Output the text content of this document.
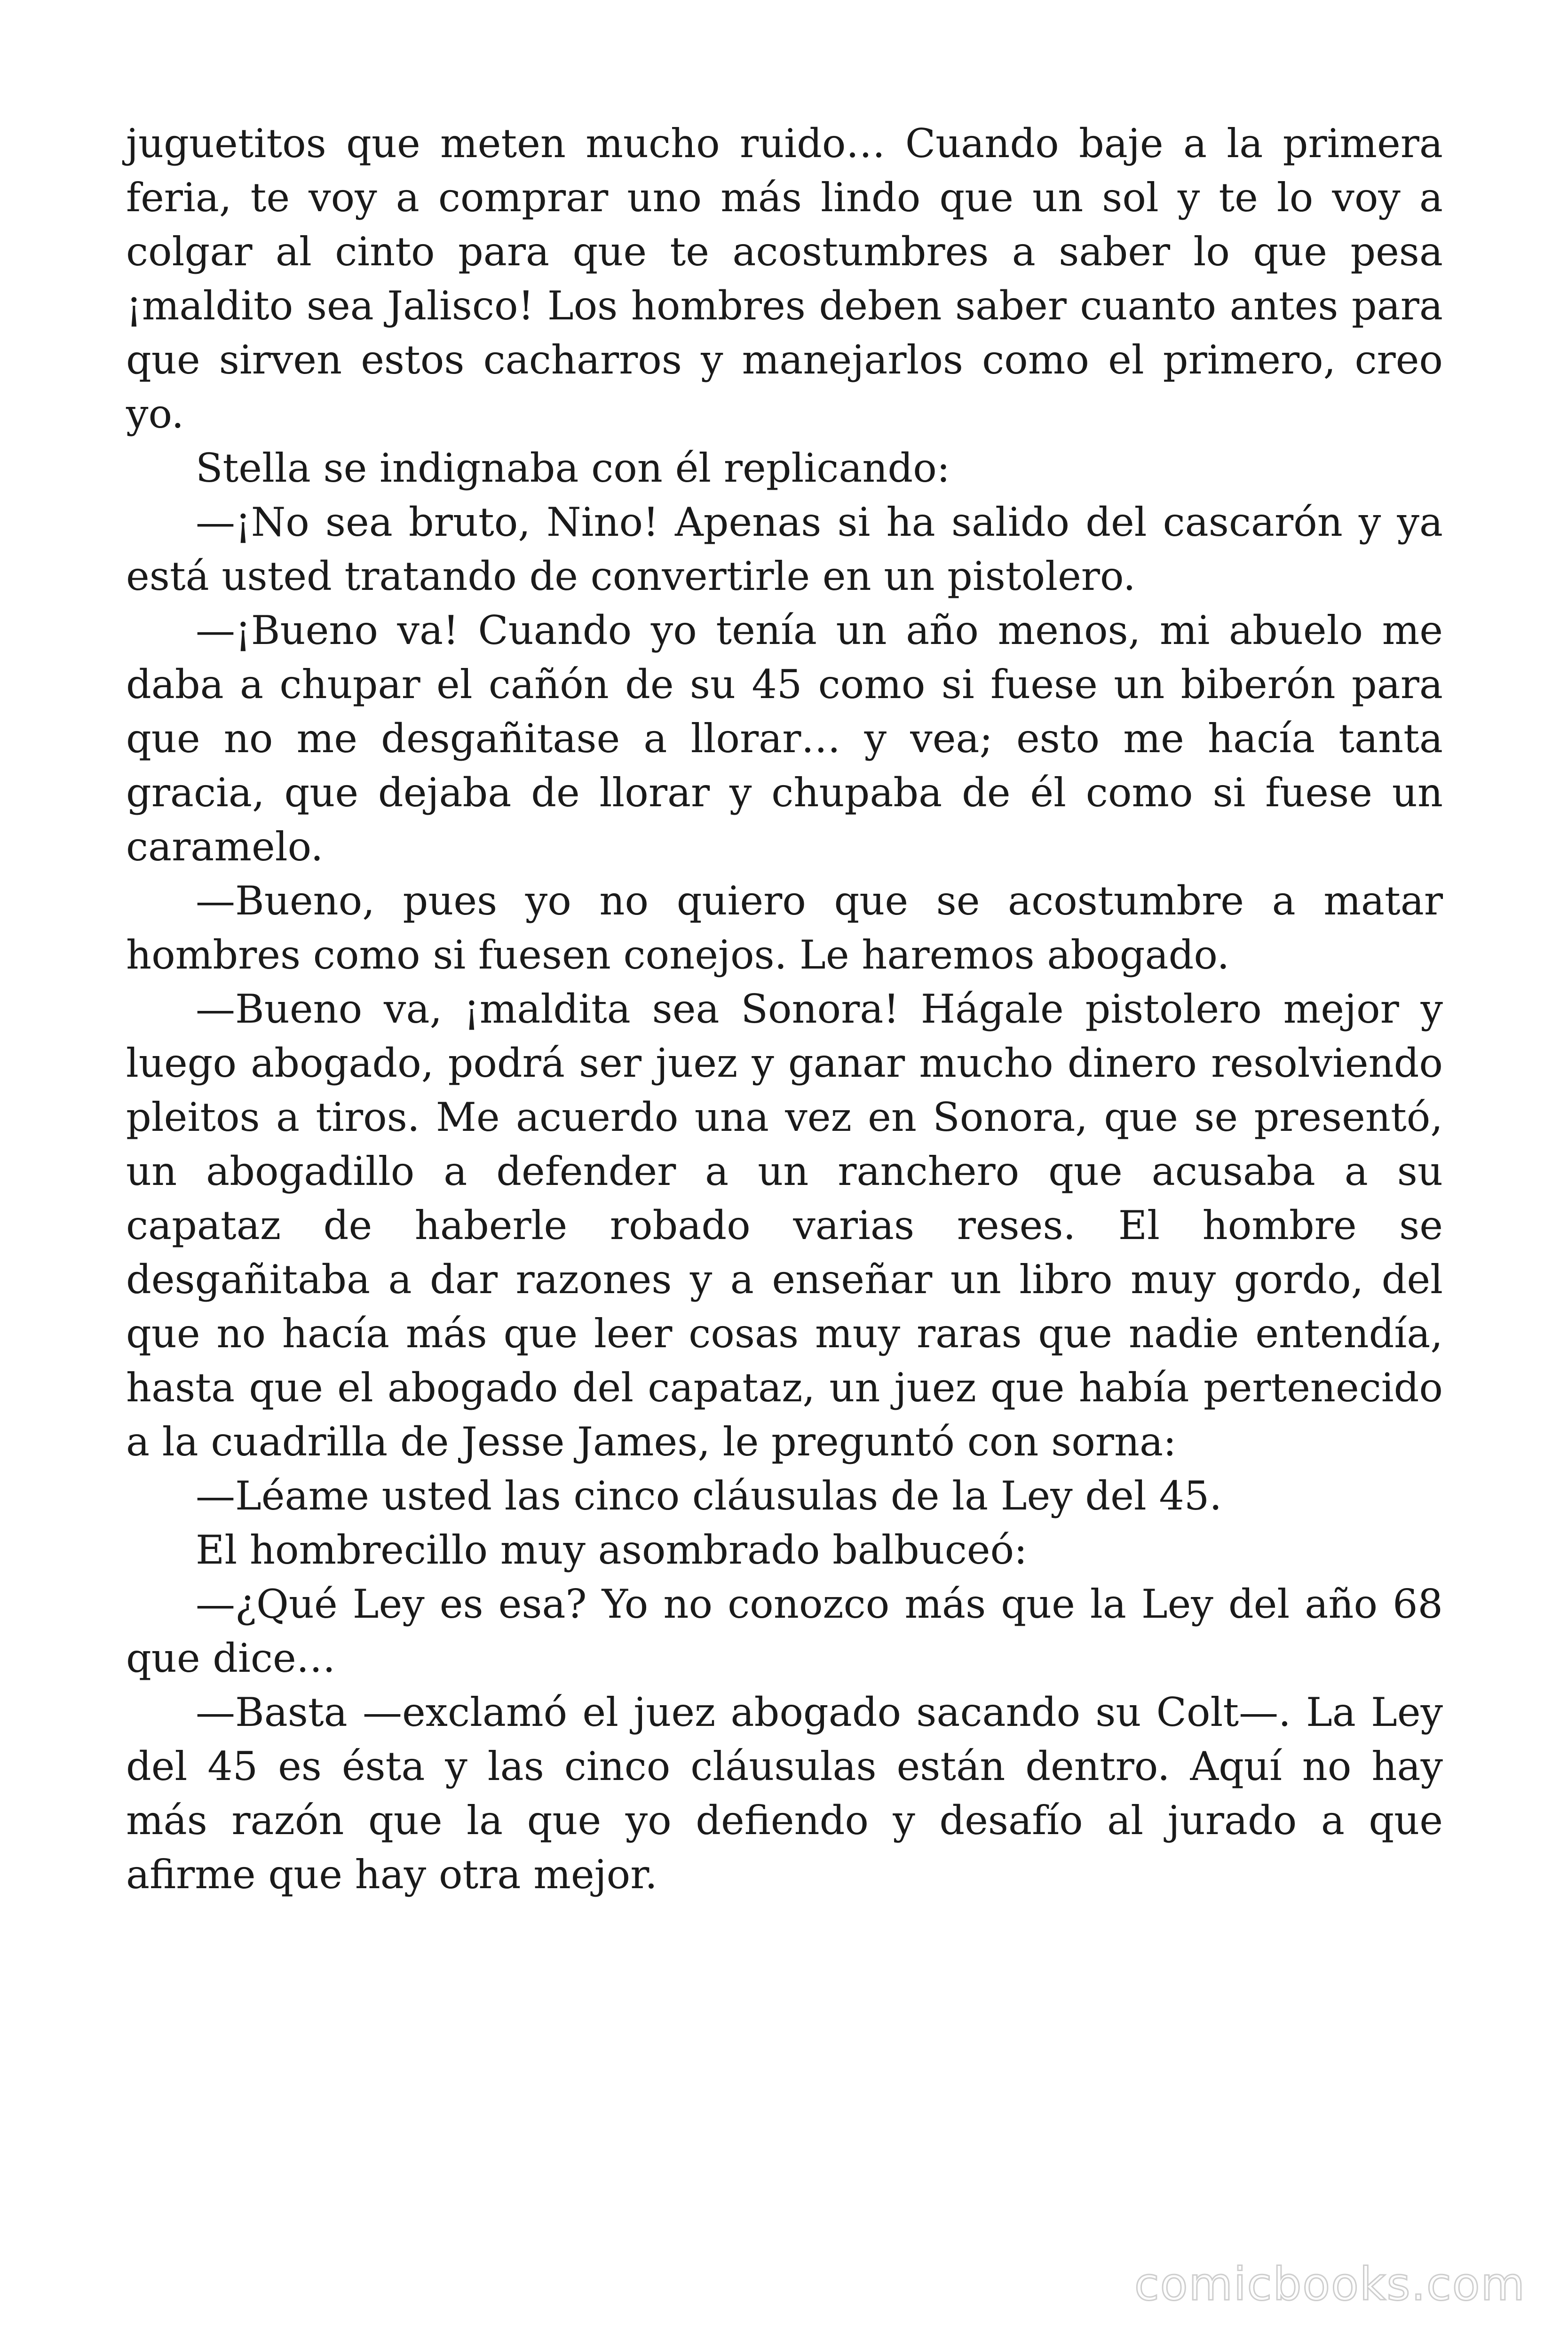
juguetitos que meten mucho ruido… Cuando baje a la primera feria, te voy a comprar uno más lindo que un sol y te lo voy a colgar al cinto para que te acostumbres a saber lo que pesa ¡maldito sea Jalisco! Los hombres deben saber cuanto antes para que sirven estos cacharros y manejarlos como el primero, creo yo.

Stella se indignaba con él replicando:

—¡No sea bruto, Nino! Apenas si ha salido del cascarón y ya está usted tratando de convertirle en un pistolero.

—¡Bueno va! Cuando yo tenía un año menos, mi abuelo me daba a chupar el cañón de su 45 como si fuese un biberón para que no me desgañitase a llorar… y vea; esto me hacía tanta gracia, que dejaba de llorar y chupaba de él como si fuese un caramelo.

—Bueno, pues yo no quiero que se acostumbre a matar hombres como si fuesen conejos. Le haremos abogado.

—Bueno va, ¡maldita sea Sonora! Hágale pistolero mejor y luego abogado, podrá ser juez y ganar mucho dinero resolviendo pleitos a tiros. Me acuerdo una vez en Sonora, que se presentó, un abogadillo a defender a un ranchero que acusaba a su capataz de haberle robado varias reses. El hombre se desgañitaba a dar razones y a enseñar un libro muy gordo, del que no hacía más que leer cosas muy raras que nadie entendía, hasta que el abogado del capataz, un juez que había pertenecido a la cuadrilla de Jesse James, le preguntó con sorna:

—Léame usted las cinco cláusulas de la Ley del 45.

El hombrecillo muy asombrado balbuceó:

—¿Qué Ley es esa? Yo no conozco más que la Ley del año 68 que dice…

—Basta —exclamó el juez abogado sacando su Colt—. La Ley del 45 es ésta y las cinco cláusulas están dentro. Aquí no hay más razón que la que yo defiendo y desafío al jurado a que afirme que hay otra mejor.

comicbooks.com
